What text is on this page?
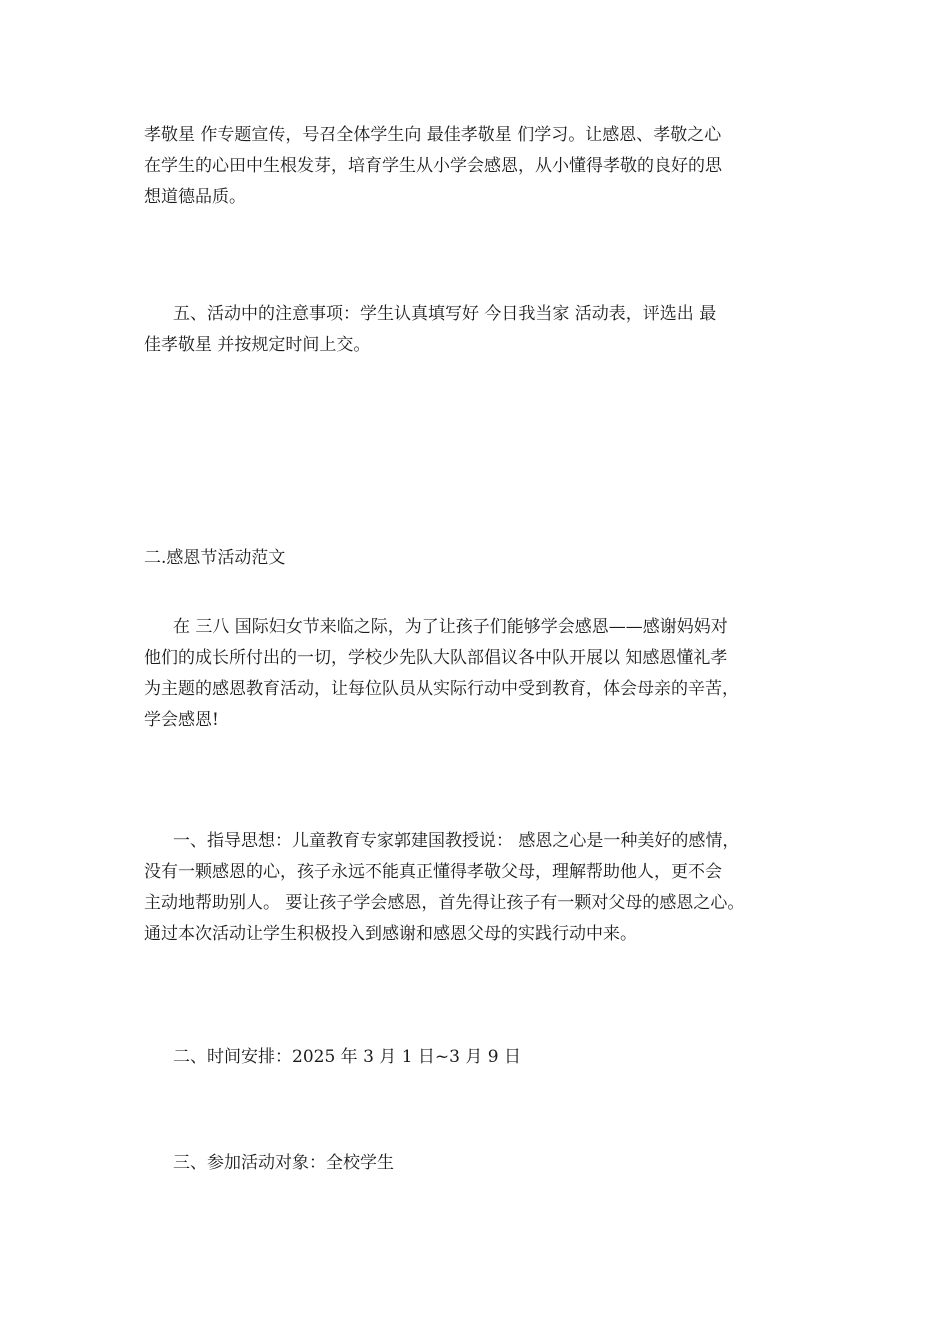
孝敬星 作专题宣传，号召全体学生向 最佳孝敬星 们学习。让感恩、孝敬之心
在学生的心田中生根发芽，培育学生从小学会感恩，从小懂得孝敬的良好的思
想道德品质。
五、活动中的注意事项：学生认真填写好 今日我当家 活动表，评选出 最
佳孝敬星 并按规定时间上交。
二.感恩节活动范文
在 三八 国际妇女节来临之际，为了让孩子们能够学会感恩——感谢妈妈对
他们的成长所付出的一切，学校少先队大队部倡议各中队开展以 知感恩懂礼孝
为主题的感恩教育活动，让每位队员从实际行动中受到教育，体会母亲的辛苦，
学会感恩!
一、指导思想：儿童教育专家郭建国教授说： 感恩之心是一种美好的感情，
没有一颗感恩的心，孩子永远不能真正懂得孝敬父母，理解帮助他人，更不会
主动地帮助别人。 要让孩子学会感恩，首先得让孩子有一颗对父母的感恩之心。
通过本次活动让学生积极投入到感谢和感恩父母的实践行动中来。
二、时间安排：2025 年 3 月 1 日~3 月 9 日
三、参加活动对象：全校学生
